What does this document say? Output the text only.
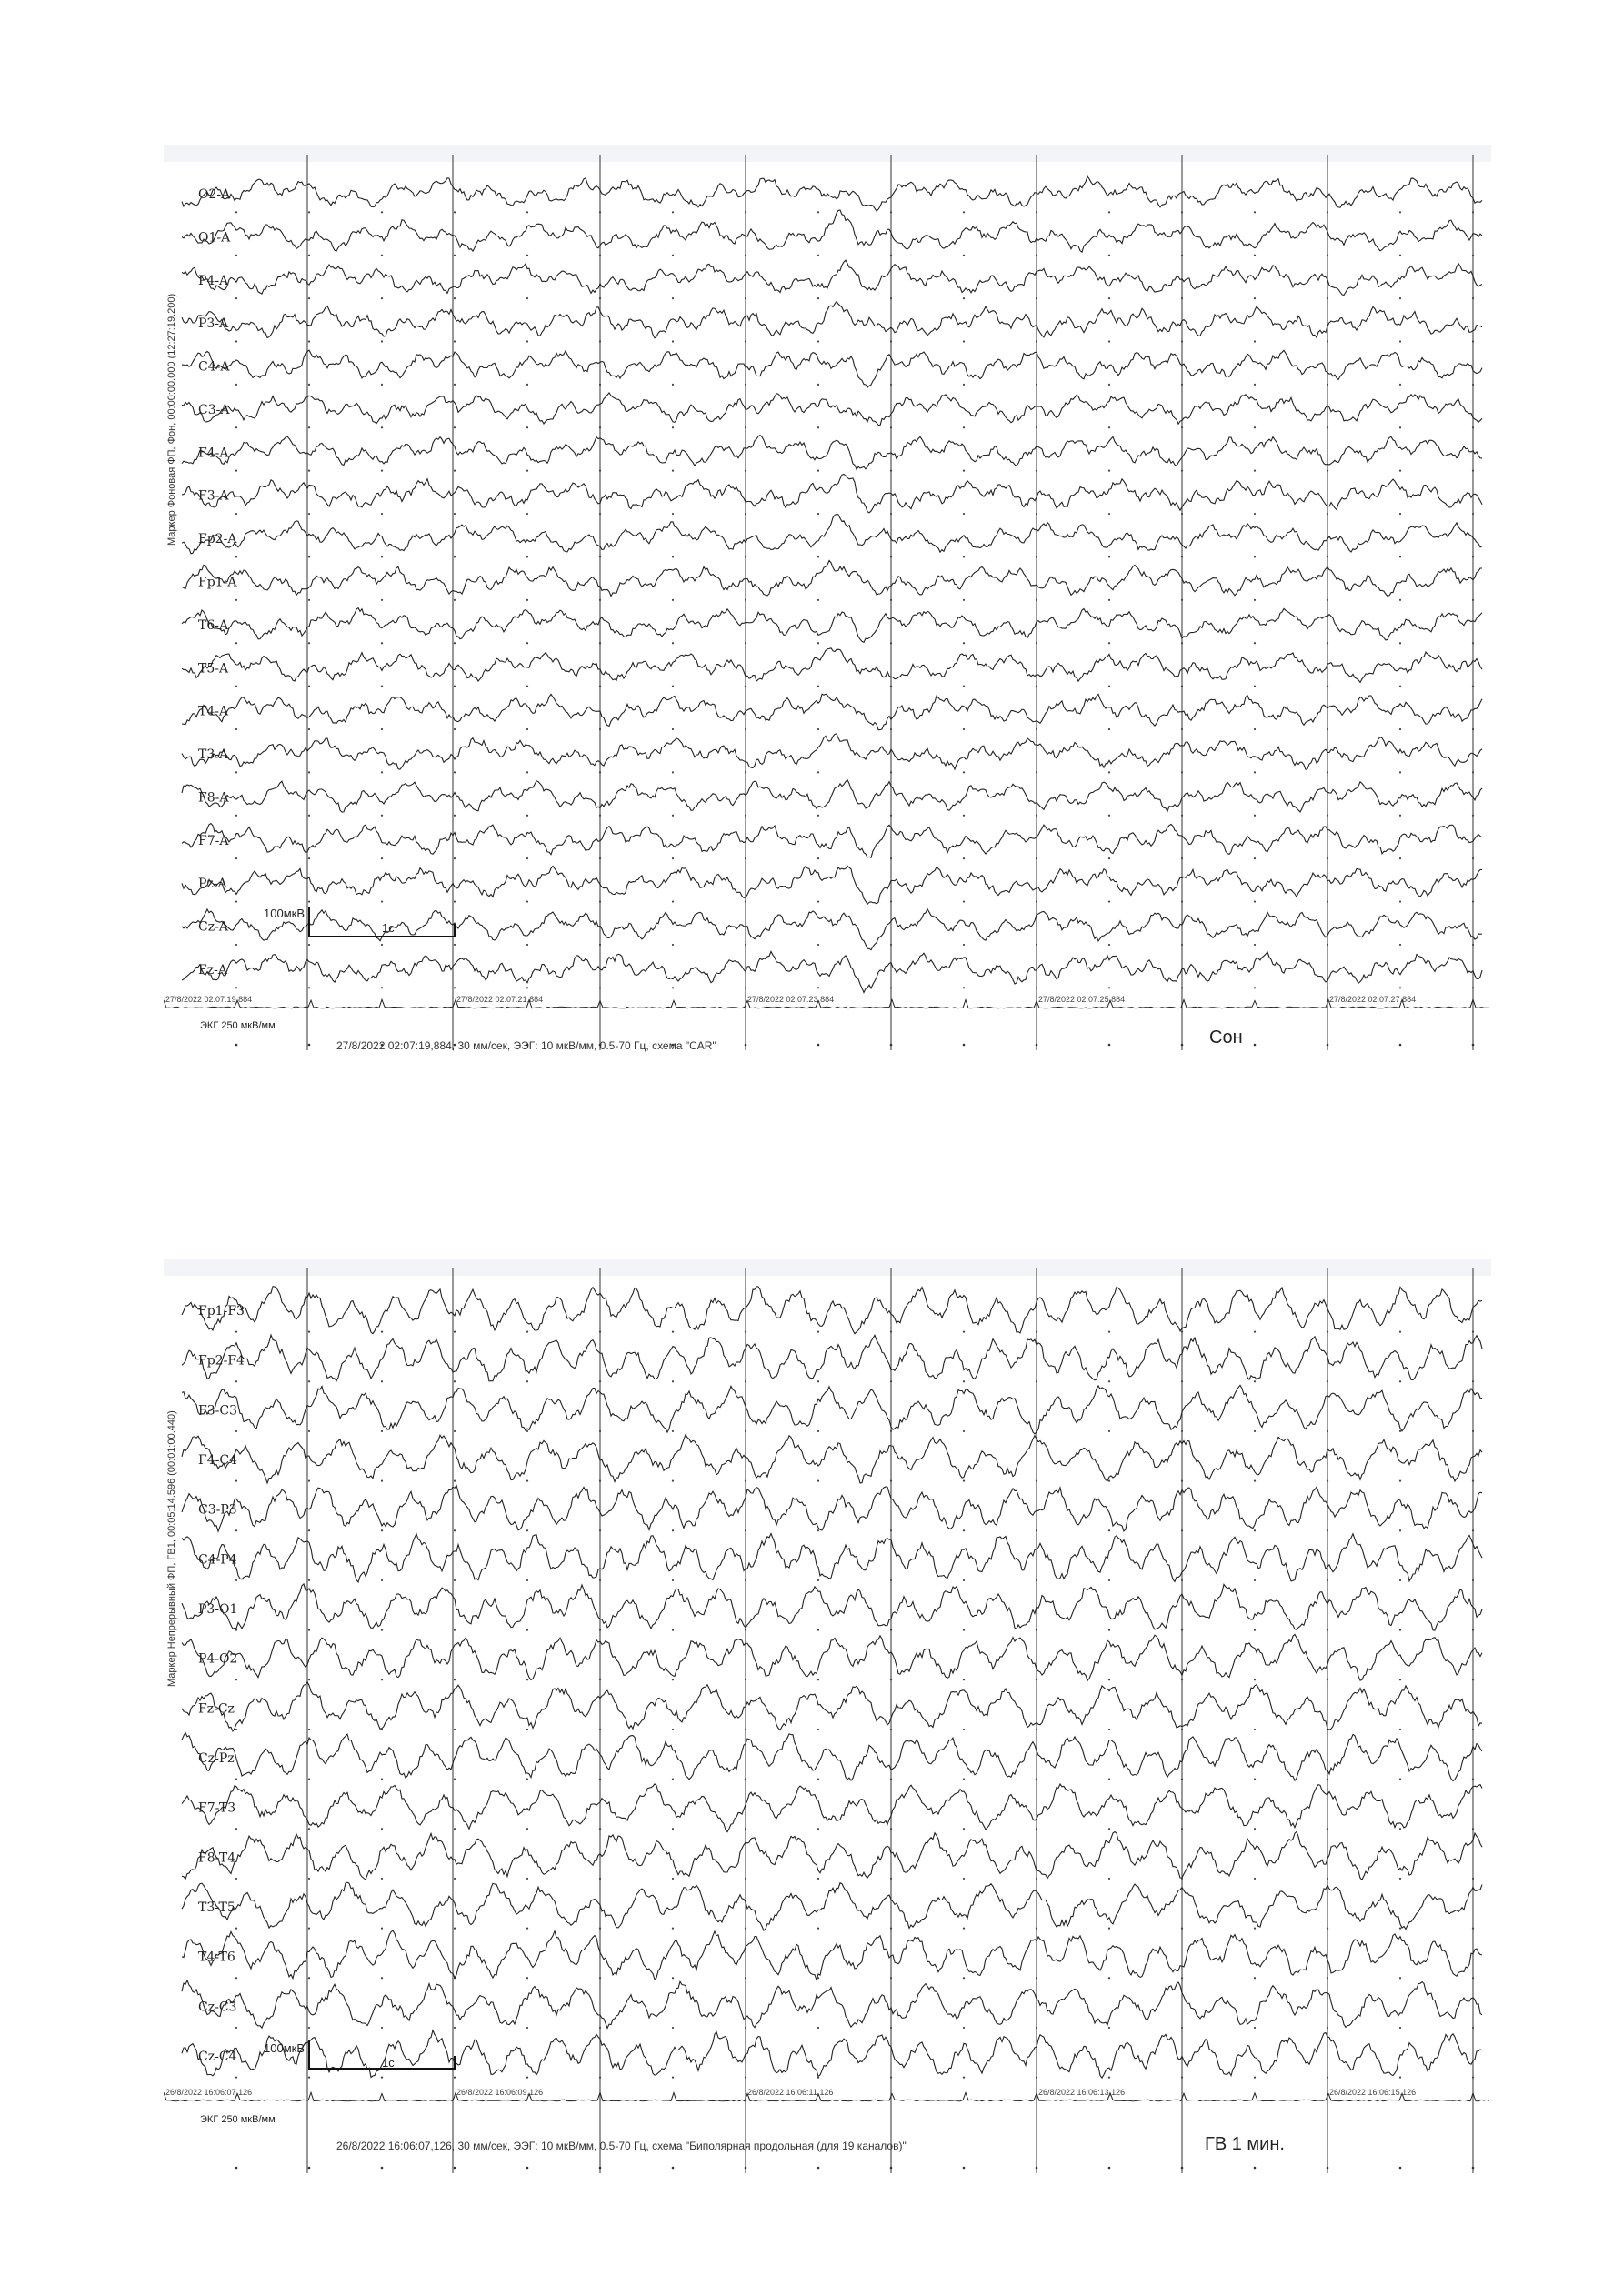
O2-A
O1-A
P4-A
P3-A
C4-A
C3-A
F4-A
F3-A
Fp2-A
Fp1-A
T6-A
T5-A
T4-A
T3-A
F8-A
F7-A
Pz-A
Cz-A
Fz-A
27/8/2022 02:07:19,884	27/8/2022 02:07:21,884	27/8/2022 02:07:23,884	27/8/2022 02:07:25,884	27/8/2022 02:07:27,884
Маркер Фоновая ФП, Фон, 00:00:00.000 (12:27:19.200)
100мкВ
1с
ЭКГ 250 мкВ/мм
27/8/2022 02:07:19,884, 30 мм/сек, ЭЭГ: 10 мкВ/мм, 0.5-70 Гц, схема "CAR"	Сон
Fp1-F3
Fp2-F4
F3-C3
F4-C4
C3-P3
C4-P4
P3-O1
P4-O2
Fz-Cz
Cz-Pz
F7-T3
F8-T4
T3-T5
T4-T6
Cz-C3
Cz-C4
26/8/2022 16:06:07,126	26/8/2022 16:06:09,126	26/8/2022 16:06:11,126	26/8/2022 16:06:13,126	26/8/2022 16:06:15,126
Маркер Непрерывный ФП, ГВ1, 00:05:14.596 (00:01:00.440)
100мкВ
1с
ЭКГ 250 мкВ/мм
26/8/2022 16:06:07,126, 30 мм/сек, ЭЭГ: 10 мкВ/мм, 0.5-70 Гц, схема "Биполярная продольная (для 19 каналов)"	ГВ 1 мин.
